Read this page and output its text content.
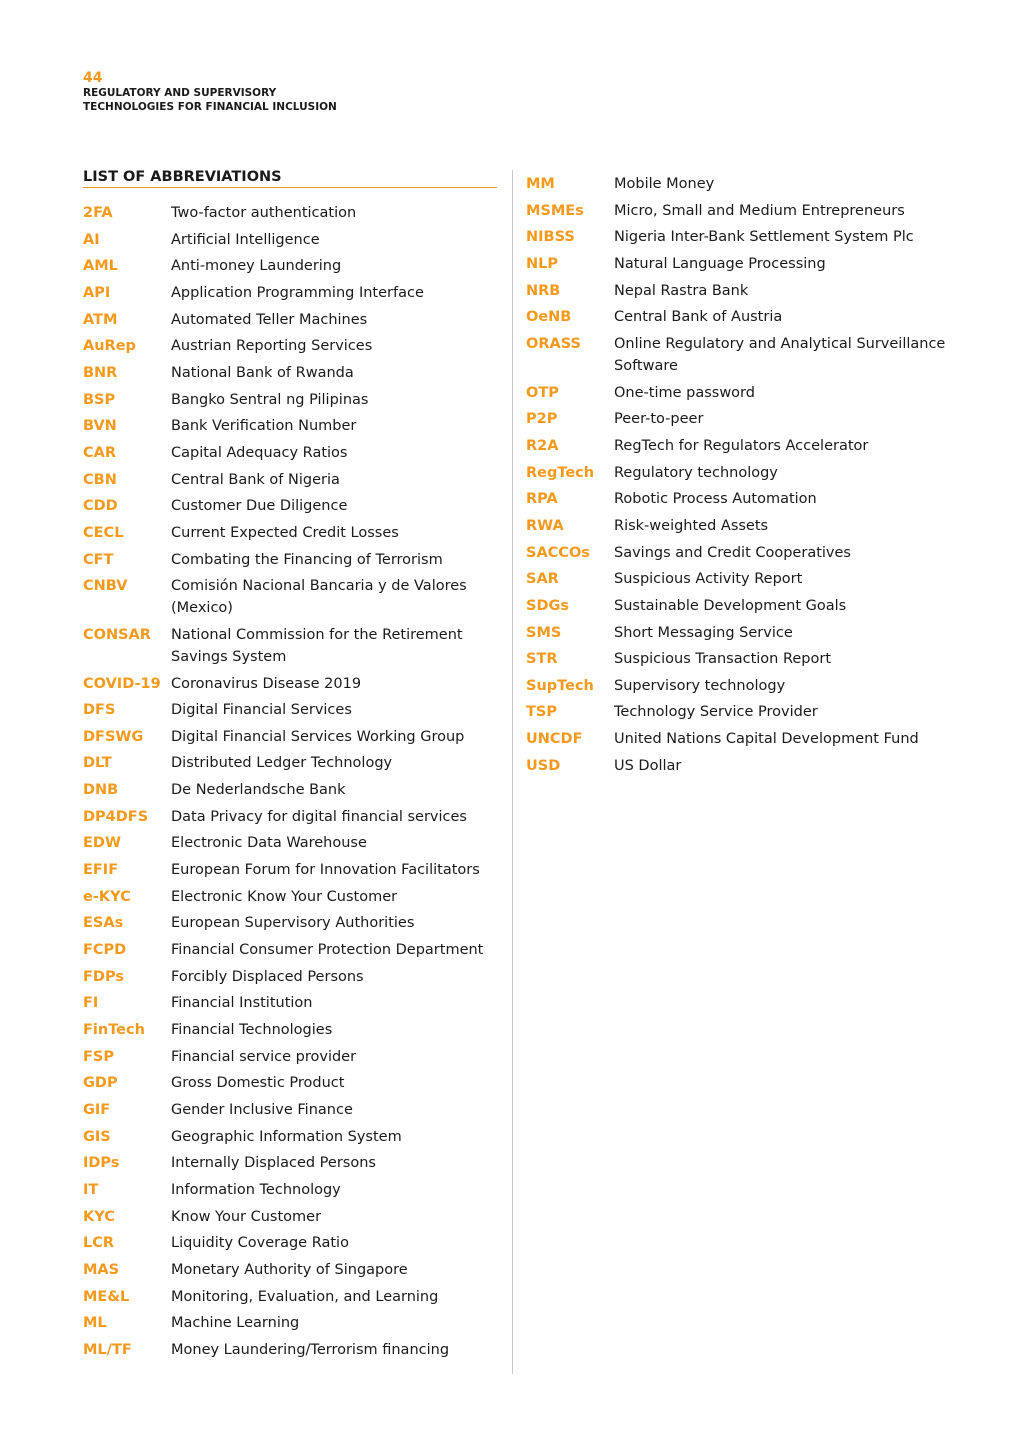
44
REGULATORY AND SUPERVISORY
TECHNOLOGIES FOR FINANCIAL INCLUSION
LIST OF ABBREVIATIONS
2FA	Two-factor authentication
AI	Artificial Intelligence
AML	Anti-money Laundering
API	Application Programming Interface
ATM	Automated Teller Machines
AuRep	Austrian Reporting Services
BNR	National Bank of Rwanda
BSP	Bangko Sentral ng Pilipinas
BVN	Bank Verification Number
CAR	Capital Adequacy Ratios
CBN	Central Bank of Nigeria
CDD	Customer Due Diligence
CECL	Current Expected Credit Losses
CFT	Combating the Financing of Terrorism
CNBV	Comisión Nacional Bancaria y de Valores (Mexico)
CONSAR	National Commission for the Retirement Savings System
COVID-19 Coronavirus Disease 2019
DFS	Digital Financial Services
DFSWG	Digital Financial Services Working Group
DLT	Distributed Ledger Technology
DNB	De Nederlandsche Bank
DP4DFS	Data Privacy for digital financial services
EDW	Electronic Data Warehouse
EFIF	European Forum for Innovation Facilitators
e-KYC	Electronic Know Your Customer
ESAs	European Supervisory Authorities
FCPD	Financial Consumer Protection Department
FDPs	Forcibly Displaced Persons
FI	Financial Institution
FinTech	Financial Technologies
FSP	Financial service provider
GDP	Gross Domestic Product
GIF	Gender Inclusive Finance
GIS	Geographic Information System
IDPs	Internally Displaced Persons
IT	Information Technology
KYC	Know Your Customer
LCR	Liquidity Coverage Ratio
MAS	Monetary Authority of Singapore
ME&L	Monitoring, Evaluation, and Learning
ML	Machine Learning
ML/TF	Money Laundering/Terrorism financing
MM	Mobile Money
MSMEs	Micro, Small and Medium Entrepreneurs
NIBSS	Nigeria Inter-Bank Settlement System Plc
NLP	Natural Language Processing
NRB	Nepal Rastra Bank
OeNB	Central Bank of Austria
ORASS	Online Regulatory and Analytical Surveillance Software
OTP	One-time password
P2P	Peer-to-peer
R2A	RegTech for Regulators Accelerator
RegTech	Regulatory technology
RPA	Robotic Process Automation
RWA	Risk-weighted Assets
SACCOs	Savings and Credit Cooperatives
SAR	Suspicious Activity Report
SDGs	Sustainable Development Goals
SMS	Short Messaging Service
STR	Suspicious Transaction Report
SupTech	Supervisory technology
TSP	Technology Service Provider
UNCDF	United Nations Capital Development Fund
USD	US Dollar
